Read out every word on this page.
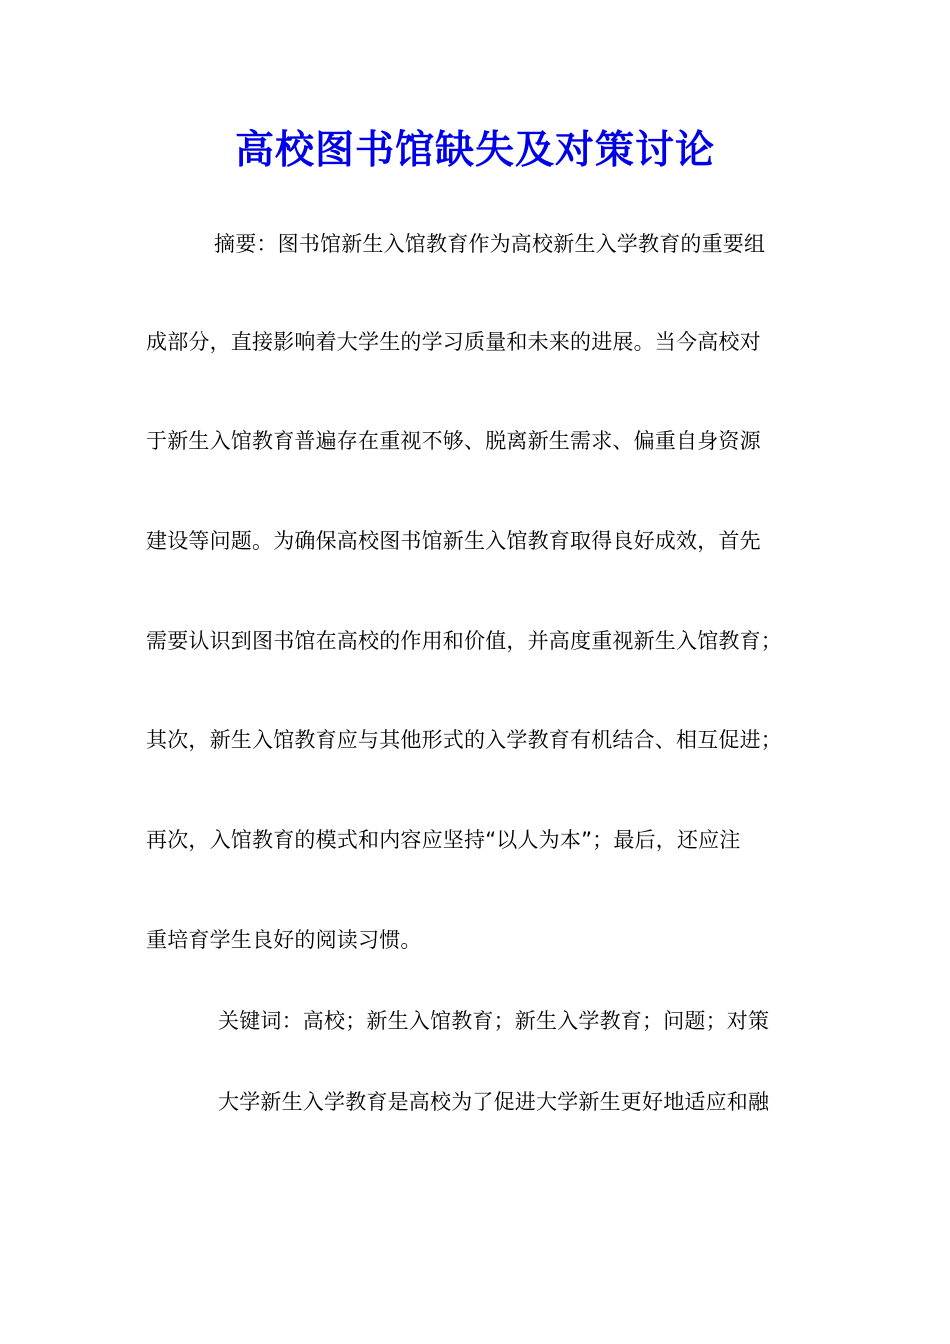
高校图书馆缺失及对策讨论
摘要：图书馆新生入馆教育作为高校新生入学教育的重要组
成部分，直接影响着大学生的学习质量和未来的进展。当今高校对
于新生入馆教育普遍存在重视不够、脱离新生需求、偏重自身资源
建设等问题。为确保高校图书馆新生入馆教育取得良好成效，首先
需要认识到图书馆在高校的作用和价值，并高度重视新生入馆教育；
其次，新生入馆教育应与其他形式的入学教育有机结合、相互促进；
再次，入馆教育的模式和内容应坚持“以人为本”；最后，还应注
重培育学生良好的阅读习惯。
关键词：高校；新生入馆教育；新生入学教育；问题；对策
大学新生入学教育是高校为了促进大学新生更好地适应和融
